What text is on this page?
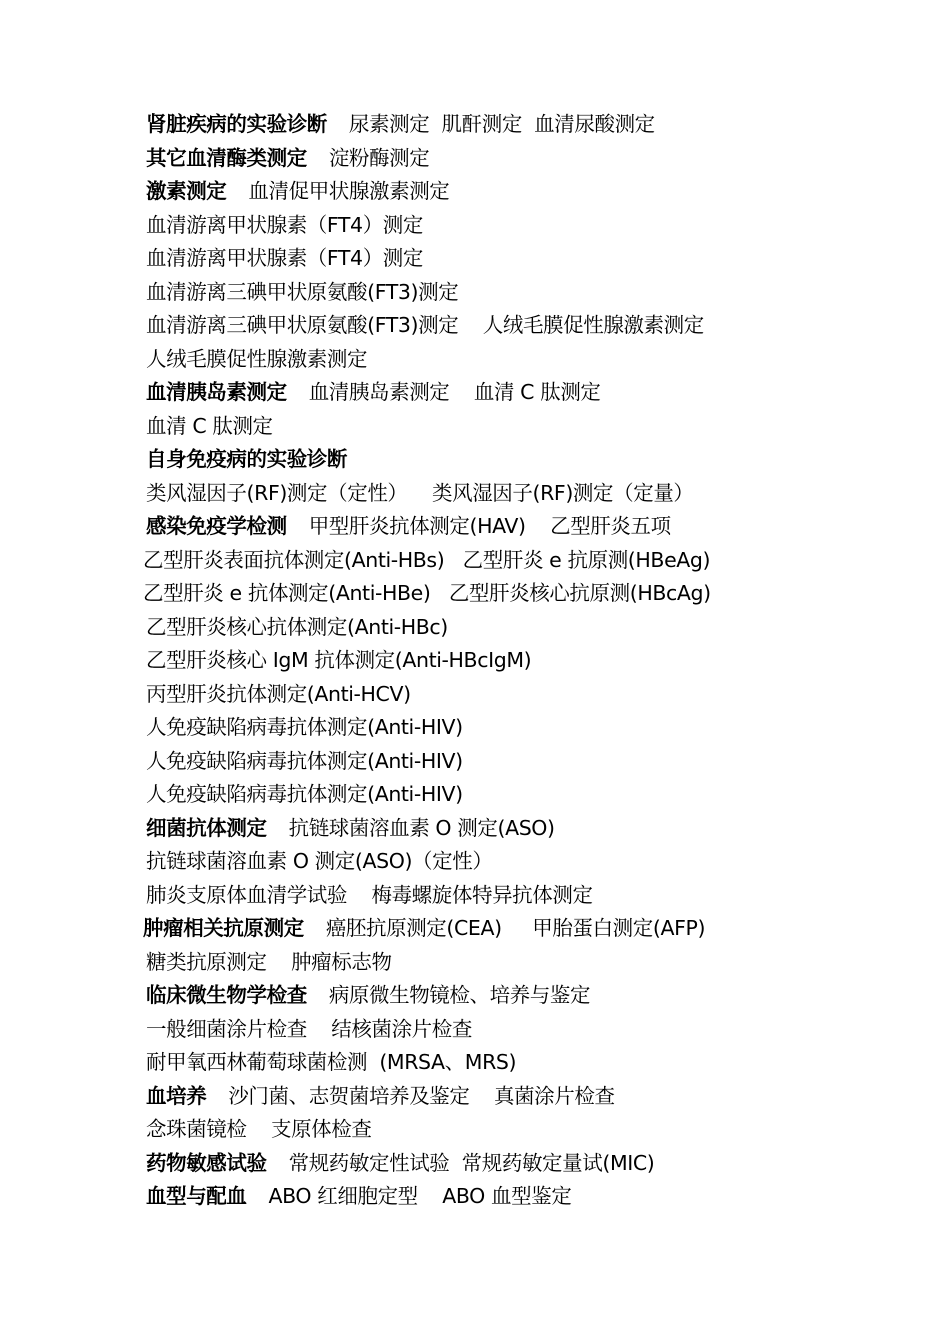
肾脏疾病的实验诊断 尿素测定  肌酐测定  血清尿酸测定
其它血清酶类测定 淀粉酶测定
激素测定 血清促甲状腺激素测定
血清游离甲状腺素（FT4）测定
血清游离甲状腺素（FT4）测定
血清游离三碘甲状原氨酸(FT3)测定
血清游离三碘甲状原氨酸(FT3)测定    人绒毛膜促性腺激素测定
人绒毛膜促性腺激素测定
血清胰岛素测定 血清胰岛素测定    血清 C 肽测定
血清 C 肽测定
自身免疫病的实验诊断
类风湿因子(RF)测定（定性）    类风湿因子(RF)测定（定量）
感染免疫学检测 甲型肝炎抗体测定(HAV)    乙型肝炎五项
乙型肝炎表面抗体测定(Anti-HBs)   乙型肝炎 e 抗原测(HBeAg)
乙型肝炎 e 抗体测定(Anti-HBe)   乙型肝炎核心抗原测(HBcAg)
乙型肝炎核心抗体测定(Anti-HBc)
乙型肝炎核心 IgM 抗体测定(Anti-HBcIgM)
丙型肝炎抗体测定(Anti-HCV)
人免疫缺陷病毒抗体测定(Anti-HIV)
人免疫缺陷病毒抗体测定(Anti-HIV)
人免疫缺陷病毒抗体测定(Anti-HIV)
细菌抗体测定 抗链球菌溶血素 O 测定(ASO)
抗链球菌溶血素 O 测定(ASO)（定性）
肺炎支原体血清学试验    梅毒螺旋体特异抗体测定
肿瘤相关抗原测定 癌胚抗原测定(CEA)     甲胎蛋白测定(AFP)
糖类抗原测定    肿瘤标志物
临床微生物学检查 病原微生物镜检、培养与鉴定
一般细菌涂片检查    结核菌涂片检查
耐甲氧西林葡萄球菌检测  (MRSA、MRS)
血培养 沙门菌、志贺菌培养及鉴定    真菌涂片检查
念珠菌镜检    支原体检查
药物敏感试验 常规药敏定性试验  常规药敏定量试(MIC)
血型与配血 ABO 红细胞定型    ABO 血型鉴定
